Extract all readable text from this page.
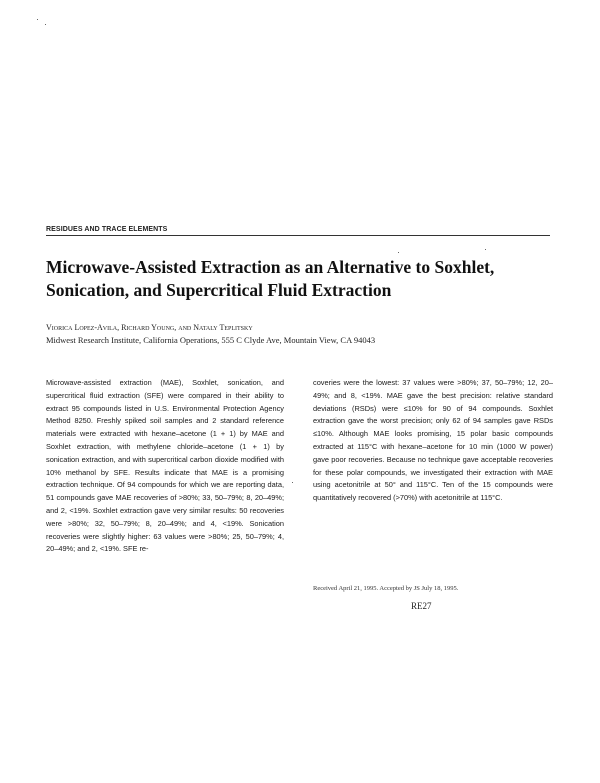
RESIDUES AND TRACE ELEMENTS
Microwave-Assisted Extraction as an Alternative to Soxhlet, Sonication, and Supercritical Fluid Extraction
Viorica Lopez-Avila, Richard Young, and Nataly Teplitsky
Midwest Research Institute, California Operations, 555 C Clyde Ave, Mountain View, CA 94043
Microwave-assisted extraction (MAE), Soxhlet, sonication, and supercritical fluid extraction (SFE) were compared in their ability to extract 95 compounds listed in U.S. Environmental Protection Agency Method 8250. Freshly spiked soil samples and 2 standard reference materials were extracted with hexane–acetone (1 + 1) by MAE and Soxhlet extraction, with methylene chloride–acetone (1 + 1) by sonication extraction, and with supercritical carbon dioxide modified with 10% methanol by SFE. Results indicate that MAE is a promising extraction technique. Of 94 compounds for which we are reporting data, 51 compounds gave MAE recoveries of >80%; 33, 50–79%; 8, 20–49%; and 2, <19%. Soxhlet extraction gave very similar results: 50 recoveries were >80%; 32, 50–79%; 8, 20–49%; and 4, <19%. Sonication recoveries were slightly higher: 63 values were >80%; 25, 50–79%; 4, 20–49%; and 2, <19%. SFE re-
coveries were the lowest: 37 values were >80%; 37, 50–79%; 12, 20–49%; and 8, <19%. MAE gave the best precision: relative standard deviations (RSDs) were ≤10% for 90 of 94 compounds. Soxhlet extraction gave the worst precision; only 62 of 94 samples gave RSDs ≤10%. Although MAE looks promising, 15 polar basic compounds extracted at 115°C with hexane–acetone for 10 min (1000 W power) gave poor recoveries. Because no technique gave acceptable recoveries for these polar compounds, we investigated their extraction with MAE using acetonitrile at 50° and 115°C. Ten of the 15 compounds were quantitatively recovered (>70%) with acetonitrile at 115°C.
Received April 21, 1995. Accepted by JS July 18, 1995.
RE27
